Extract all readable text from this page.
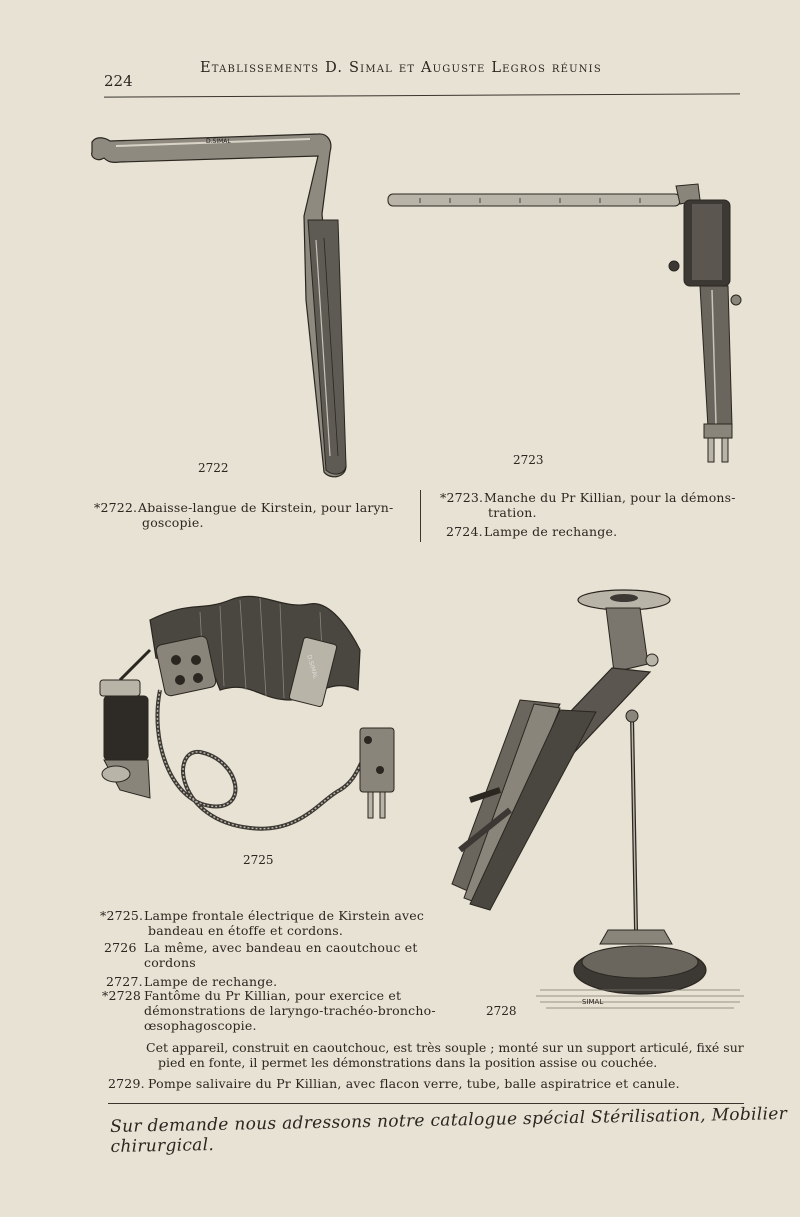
224
Etablissements D. Simal et Auguste Legros réunis
2722
D.SIMAL
2723
*2722.Abaisse-langue de Kirstein, pour laryn-
goscopie.
*2723.Manche du Pr Killian, pour la démons-
tration.
2724.Lampe de rechange.
2725
D.SIMAL
2728
SIMAL
*2725.Lampe frontale électrique de Kirstein avec
bandeau en étoffe et cordons.
2726 La même, avec bandeau en caoutchouc et
cordons
2727.Lampe de rechange.
*2728 Fantôme du Pr Killian, pour exercice et
démonstrations de laryngo-trachéo-broncho-
œsophagoscopie.
Cet appareil, construit en caoutchouc, est très souple ; monté sur un support articulé, fixé sur
pied en fonte, il permet les démonstrations dans la position assise ou couchée.
2729. Pompe salivaire du Pr Killian, avec flacon verre, tube, balle aspiratrice et canule.
Sur demande nous adressons notre catalogue spécial Stérilisation, Mobilier chirurgical.
